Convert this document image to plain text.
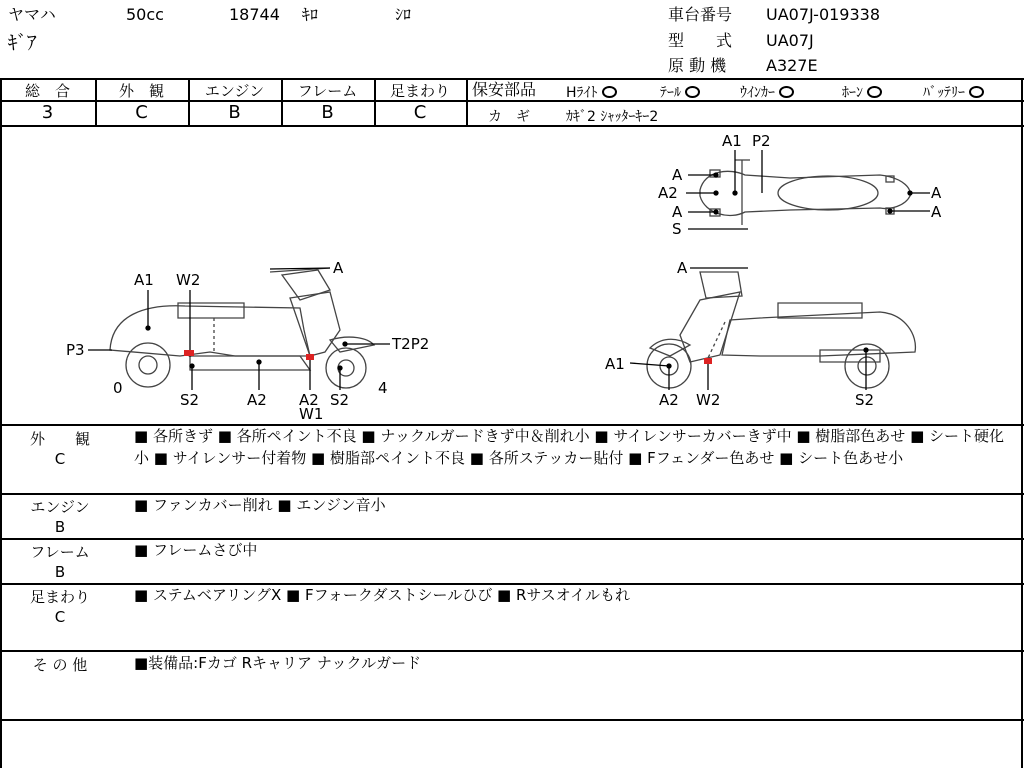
ヤマハ	50cc	18744 ｷﾛ	ｼﾛ
ｷﾞｱ
車台番号 UA07J-019338
型　　式 UA07J
原 動 機 A327E
総　合	外　観	エンジン	フレーム	足まわり
3	C	B	B	C
保安部品 Hﾗｲﾄ	ﾃｰﾙ	ｳｲﾝｶｰ	ﾎｰﾝ	ﾊﾞｯﾃﾘｰ
カ　ギ	ｶｷﾞ2 ｼｬｯﾀｰｷｰ2
A1 W2
A
P3	T2P2
0
S2	A2 A2
W1
S2
4
A1 P2
A
A2
A
S
A
A
A
A1
A2 W2	S2
外　　観
C
■ 各所きず ■ 各所ペイント不良 ■ ナックルガードきず中＆削れ小 ■ サイレンサーカバーきず中 ■ 樹脂部色あせ ■ シート硬化小 ■ サイレンサー付着物 ■ 樹脂部ペイント不良 ■ 各所ステッカー貼付 ■ Fフェンダー色あせ ■ シート色あせ小
エンジン
B
■ ファンカバー削れ ■ エンジン音小
フレーム
B
■ フレームさび中
足まわり
C
■ ステムベアリングX ■ Fフォークダストシールひび ■ Rサスオイルもれ
そ の 他	■装備品:Fカゴ Rキャリア ナックルガード
